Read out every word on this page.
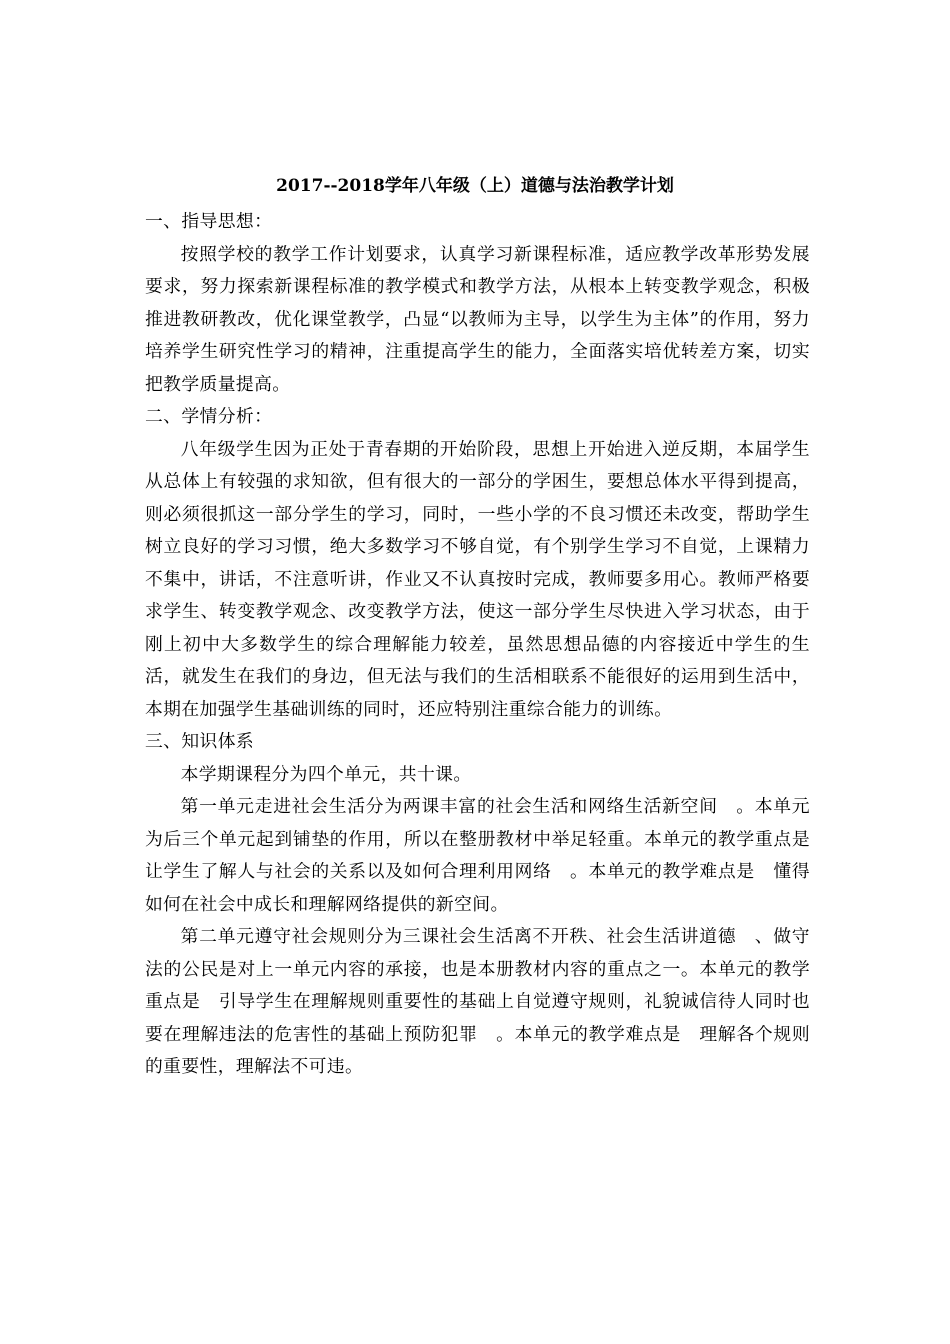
2017--2018学年八年级（上）道德与法治教学计划

一、指导思想：

按照学校的教学工作计划要求，认真学习新课程标准，适应教学改革形势发展要求，努力探索新课程标准的教学模式和教学方法，从根本上转变教学观念，积极推进教研教改，优化课堂教学，凸显“以教师为主导，以学生为主体”的作用，努力培养学生研究性学习的精神，注重提高学生的能力，全面落实培优转差方案，切实把教学质量提高。

二、学情分析：

八年级学生因为正处于青春期的开始阶段，思想上开始进入逆反期，本届学生从总体上有较强的求知欲，但有很大的一部分的学困生，要想总体水平得到提高，则必须很抓这一部分学生的学习，同时，一些小学的不良习惯还未改变，帮助学生树立良好的学习习惯，绝大多数学习不够自觉，有个别学生学习不自觉，上课精力不集中，讲话，不注意听讲，作业又不认真按时完成，教师要多用心。教师严格要求学生、转变教学观念、改变教学方法，使这一部分学生尽快进入学习状态，由于刚上初中大多数学生的综合理解能力较差，虽然思想品德的内容接近中学生的生活，就发生在我们的身边，但无法与我们的生活相联系不能很好的运用到生活中，本期在加强学生基础训练的同时，还应特别注重综合能力的训练。

三、知识体系

本学期课程分为四个单元，共十课。

第一单元走进社会生活分为两课丰富的社会生活和网络生活新空间　。本单元为后三个单元起到铺垫的作用，所以在整册教材中举足轻重。本单元的教学重点是让学生了解人与社会的关系以及如何合理利用网络　。本单元的教学难点是　懂得如何在社会中成长和理解网络提供的新空间。

第二单元遵守社会规则分为三课社会生活离不开秩、社会生活讲道德　、做守法的公民是对上一单元内容的承接，也是本册教材内容的重点之一。本单元的教学重点是　引导学生在理解规则重要性的基础上自觉遵守规则，礼貌诚信待人同时也要在理解违法的危害性的基础上预防犯罪　。本单元的教学难点是　理解各个规则的重要性，理解法不可违。
